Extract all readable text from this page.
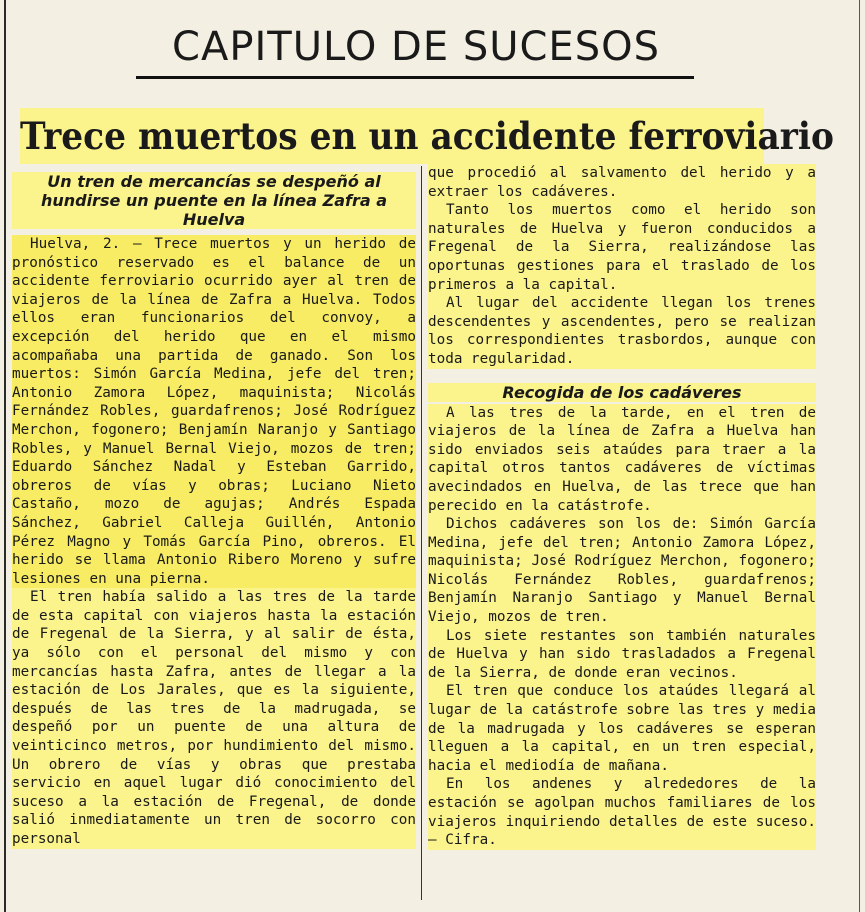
CAPITULO DE SUCESOS
Trece muertos en un accidente ferroviario
Un tren de mercancías se despeñó al hundirse un puente en la línea Zafra a Huelva

Huelva, 2. — Trece muertos y un herido de pronóstico reservado es el balance de un accidente ferroviario ocurrido ayer al tren de viajeros de la línea de Zafra a Huelva. Todos ellos eran funcionarios del convoy, a excepción del herido que en el mismo acompañaba una partida de ganado. Son los muertos: Simón García Medina, jefe del tren; Antonio Zamora López, maquinista; Nicolás Fernández Robles, guardafrenos; José Rodríguez Merchon, fogonero; Benjamín Naranjo y Santiago Robles, y Manuel Bernal Viejo, mozos de tren; Eduardo Sánchez Nadal y Esteban Garrido, obreros de vías y obras; Luciano Nieto Castaño, mozo de agujas; Andrés Espada Sánchez, Gabriel Calleja Guillén, Antonio Pérez Magno y Tomás García Pino, obreros. El herido se llama Antonio Ribero Moreno y sufre lesiones en una pierna.

El tren había salido a las tres de la tarde de esta capital con viajeros hasta la estación de Fregenal de la Sierra, y al salir de ésta, ya sólo con el personal del mismo y con mercancías hasta Zafra, antes de llegar a la estación de Los Jarales, que es la siguiente, después de las tres de la madrugada, se despeñó por un puente de una altura de veinticinco metros, por hundimiento del mismo. Un obrero de vías y obras que prestaba servicio en aquel lugar dió conocimiento del suceso a la estación de Fregenal, de donde salió inmediatamente un tren de socorro con personal

que procedió al salvamento del herido y a extraer los cadáveres.

Tanto los muertos como el herido son naturales de Huelva y fueron conducidos a Fregenal de la Sierra, realizándose las oportunas gestiones para el traslado de los primeros a la capital.

Al lugar del accidente llegan los trenes descendentes y ascendentes, pero se realizan los correspondientes trasbordos, aunque con toda regularidad.

Recogida de los cadáveres

A las tres de la tarde, en el tren de viajeros de la línea de Zafra a Huelva han sido enviados seis ataúdes para traer a la capital otros tantos cadáveres de víctimas avecindados en Huelva, de las trece que han perecido en la catástrofe.

Dichos cadáveres son los de: Simón García Medina, jefe del tren; Antonio Zamora López, maquinista; José Rodríguez Merchon, fogonero; Nicolás Fernández Robles, guardafrenos; Benjamín Naranjo Santiago y Manuel Bernal Viejo, mozos de tren.

Los siete restantes son también naturales de Huelva y han sido trasladados a Fregenal de la Sierra, de donde eran vecinos.

El tren que conduce los ataúdes llegará al lugar de la catástrofe sobre las tres y media de la madrugada y los cadáveres se esperan lleguen a la capital, en un tren especial, hacia el mediodía de mañana.

En los andenes y alrededores de la estación se agolpan muchos familiares de los viajeros inquiriendo detalles de este suceso. — Cifra.
